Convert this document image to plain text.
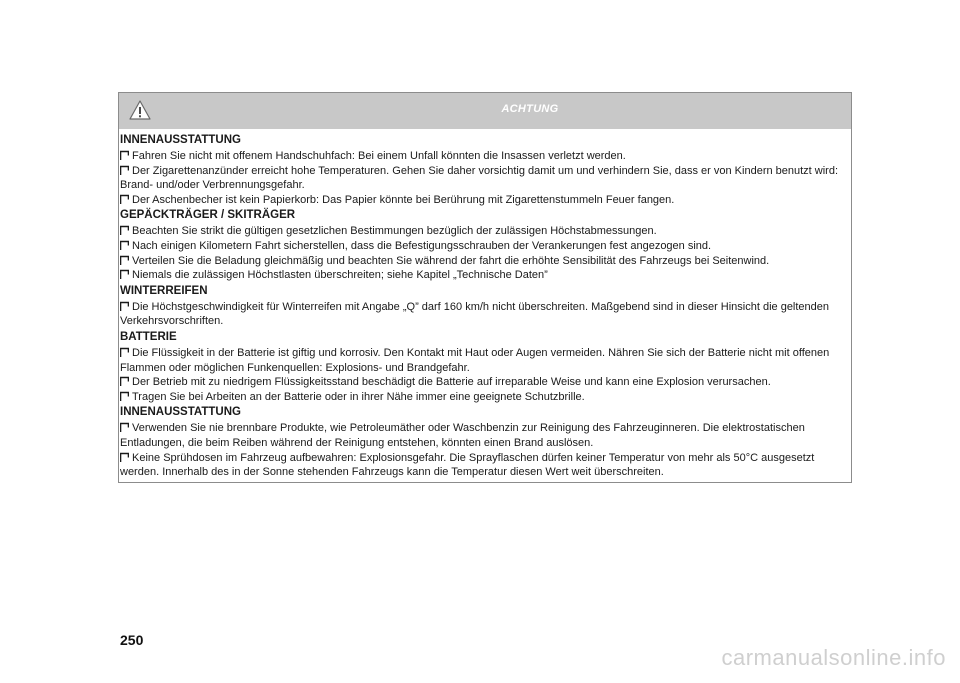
ACHTUNG
INNENAUSSTATTUNG
Fahren Sie nicht mit offenem Handschuhfach: Bei einem Unfall könnten die Insassen verletzt werden.
Der Zigarettenanzünder erreicht hohe Temperaturen. Gehen Sie daher vorsichtig damit um und verhindern Sie, dass er von Kindern benutzt wird: Brand- und/oder Verbrennungsgefahr.
Der Aschenbecher ist kein Papierkorb: Das Papier könnte bei Berührung mit Zigarettenstummeln Feuer fangen.
GEPÄCKTRÄGER / SKITRÄGER
Beachten Sie strikt die gültigen gesetzlichen Bestimmungen bezüglich der zulässigen Höchstabmessungen.
Nach einigen Kilometern Fahrt sicherstellen, dass die Befestigungsschrauben der Verankerungen fest angezogen sind.
Verteilen Sie die Beladung gleichmäßig und beachten Sie während der fahrt die erhöhte Sensibilität des Fahrzeugs bei Seitenwind.
Niemals die zulässigen Höchstlasten überschreiten; siehe Kapitel „Technische Daten”
WINTERREIFEN
Die Höchstgeschwindigkeit für Winterreifen mit Angabe „Q” darf 160 km/h nicht überschreiten. Maßgebend sind in dieser Hinsicht die geltenden Verkehrsvorschriften.
BATTERIE
Die Flüssigkeit in der Batterie ist giftig und korrosiv. Den Kontakt mit Haut oder Augen vermeiden. Nähren Sie sich der Batterie nicht mit offenen Flammen oder möglichen Funkenquellen: Explosions- und Brandgefahr.
Der Betrieb mit zu niedrigem Flüssigkeitsstand beschädigt die Batterie auf irreparable Weise und kann eine Explosion verursachen.
Tragen Sie bei Arbeiten an der Batterie oder in ihrer Nähe immer eine geeignete Schutzbrille.
INNENAUSSTATTUNG
Verwenden Sie nie brennbare Produkte, wie Petroleumäther oder Waschbenzin zur Reinigung des Fahrzeuginneren. Die elektrostatischen Entladungen, die beim Reiben während der Reinigung entstehen, könnten einen Brand auslösen.
Keine Sprühdosen im Fahrzeug aufbewahren: Explosionsgefahr. Die Sprayflaschen dürfen keiner Temperatur von mehr als 50°C ausgesetzt werden. Innerhalb des in der Sonne stehenden Fahrzeugs kann die Temperatur diesen Wert weit überschreiten.
250
carmanualsonline.info
